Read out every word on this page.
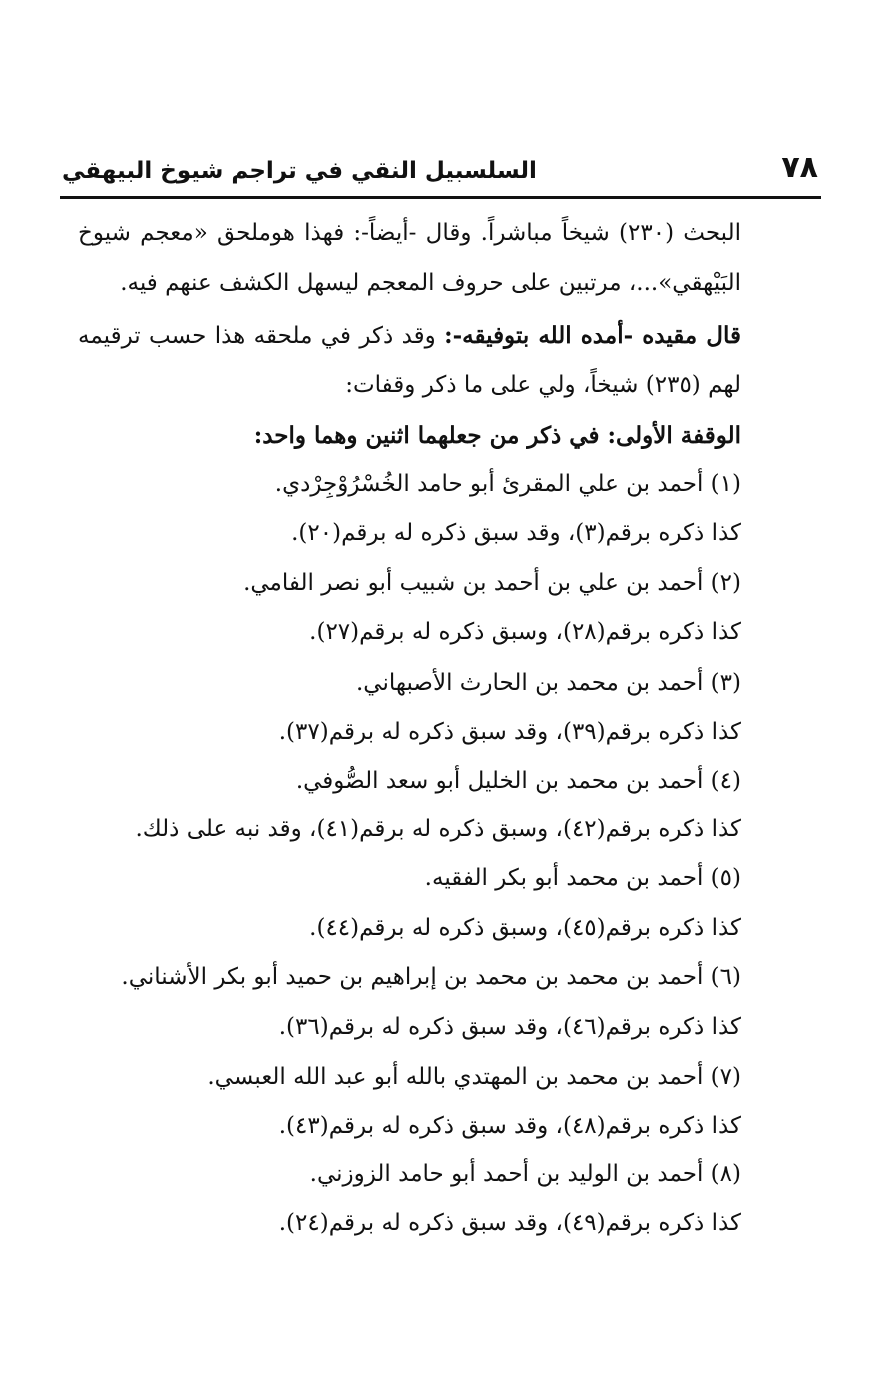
٧٨
السلسبيل النقي في تراجم شيوخ البيهقي
البحث (٢٣٠) شيخاً مباشراً. وقال -أيضاً-: فهذا هوملحق «معجم شيوخ
البَيْهقي»...، مرتبين على حروف المعجم ليسهل الكشف عنهم فيه.
قال مقيده -أمده الله بتوفيقه-: وقد ذكر في ملحقه هذا حسب ترقيمه
لهم (٢٣٥) شيخاً، ولي على ما ذكر وقفات:
الوقفة الأولى: في ذكر من جعلهما اثنين وهما واحد:
(١) أحمد بن علي المقرئ أبو حامد الخُسْرُوْجِرْدي.
كذا ذكره برقم(٣)، وقد سبق ذكره له برقم(٢٠).
(٢) أحمد بن علي بن أحمد بن شبيب أبو نصر الفامي.
كذا ذكره برقم(٢٨)، وسبق ذكره له برقم(٢٧).
(٣) أحمد بن محمد بن الحارث الأصبهاني.
كذا ذكره برقم(٣٩)، وقد سبق ذكره له برقم(٣٧).
(٤) أحمد بن محمد بن الخليل أبو سعد الصُّوفي.
كذا ذكره برقم(٤٢)، وسبق ذكره له برقم(٤١)، وقد نبه على ذلك.
(٥) أحمد بن محمد أبو بكر الفقيه.
كذا ذكره برقم(٤٥)، وسبق ذكره له برقم(٤٤).
(٦) أحمد بن محمد بن محمد بن إبراهيم بن حميد أبو بكر الأشناني.
كذا ذكره برقم(٤٦)، وقد سبق ذكره له برقم(٣٦).
(٧) أحمد بن محمد بن المهتدي بالله أبو عبد الله العبسي.
كذا ذكره برقم(٤٨)، وقد سبق ذكره له برقم(٤٣).
(٨) أحمد بن الوليد بن أحمد أبو حامد الزوزني.
كذا ذكره برقم(٤٩)، وقد سبق ذكره له برقم(٢٤).
